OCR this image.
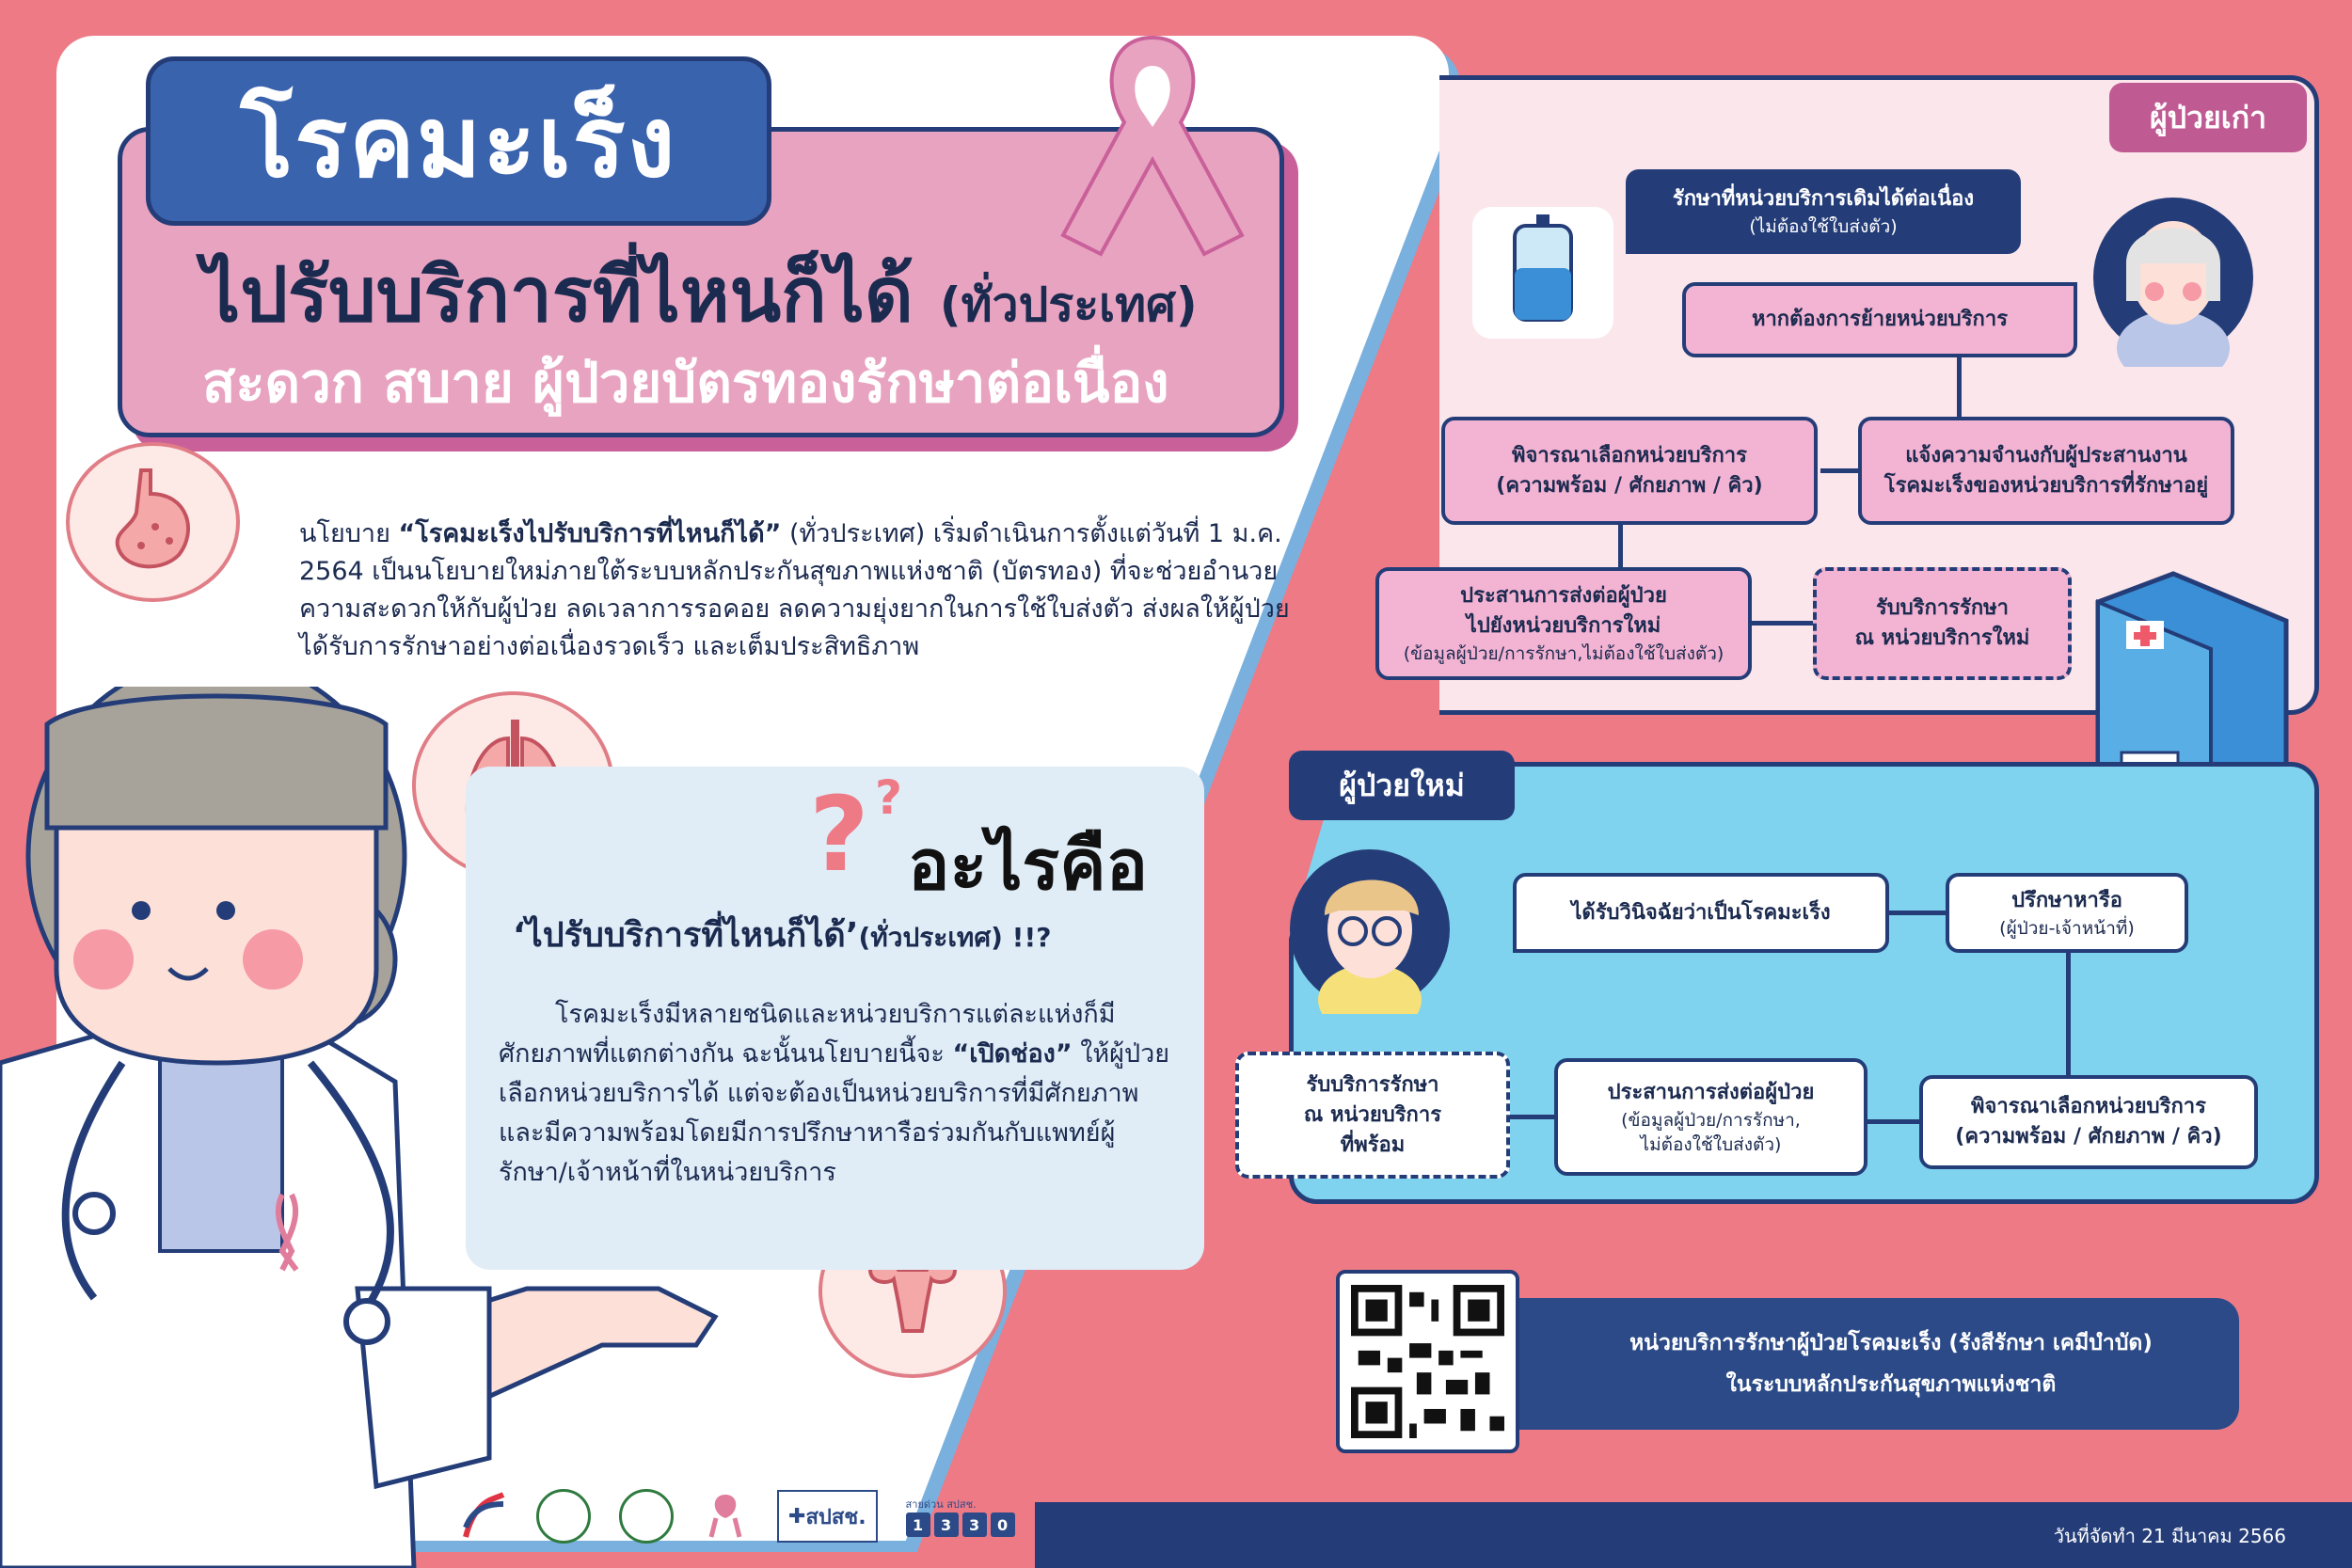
โรคมะเร็ง
ไปรับบริการที่ไหนก็ได้ (ทั่วประเทศ)
สะดวก สบาย ผู้ป่วยบัตรทองรักษาต่อเนื่อง
นโยบาย “โรคมะเร็งไปรับบริการที่ไหนก็ได้” (ทั่วประเทศ) เริ่มดำเนินการตั้งแต่วันที่ 1 ม.ค. 2564 เป็นนโยบายใหม่ภายใต้ระบบหลักประกันสุขภาพแห่งชาติ (บัตรทอง) ที่จะช่วยอำนวยความสะดวกให้กับผู้ป่วย ลดเวลาการรอคอย ลดความยุ่งยากในการใช้ใบส่งตัว ส่งผลให้ผู้ป่วยได้รับการรักษาอย่างต่อเนื่องรวดเร็ว และเต็มประสิทธิภาพ
? ?
อะไรคือ
‘ไปรับบริการที่ไหนก็ได้’(ทั่วประเทศ) !!?
โรคมะเร็งมีหลายชนิดและหน่วยบริการแต่ละแห่งก็มีศักยภาพที่แตกต่างกัน ฉะนั้นนโยบายนี้จะ “เปิดช่อง” ให้ผู้ป่วยเลือกหน่วยบริการได้ แต่จะต้องเป็นหน่วยบริการที่มีศักยภาพและมีความพร้อมโดยมีการปรึกษาหารือร่วมกันกับแพทย์ผู้รักษา/เจ้าหน้าที่ในหน่วยบริการ
ผู้ป่วยเก่า
รักษาที่หน่วยบริการเดิมได้ต่อเนื่อง
(ไม่ต้องใช้ใบส่งตัว)
หากต้องการย้ายหน่วยบริการ
แจ้งความจำนงกับผู้ประสานงาน
โรคมะเร็งของหน่วยบริการที่รักษาอยู่
พิจารณาเลือกหน่วยบริการ
(ความพร้อม / ศักยภาพ / คิว)
ประสานการส่งต่อผู้ป่วย
ไปยังหน่วยบริการใหม่
(ข้อมูลผู้ป่วย/การรักษา,ไม่ต้องใช้ใบส่งตัว)
รับบริการรักษา
ณ หน่วยบริการใหม่
ผู้ป่วยใหม่
ได้รับวินิจฉัยว่าเป็นโรคมะเร็ง
ปรึกษาหารือ
(ผู้ป่วย-เจ้าหน้าที่)
พิจารณาเลือกหน่วยบริการ
(ความพร้อม / ศักยภาพ / คิว)
ประสานการส่งต่อผู้ป่วย
(ข้อมูลผู้ป่วย/การรักษา,
ไม่ต้องใช้ใบส่งตัว)
รับบริการรักษา
ณ หน่วยบริการ
ที่พร้อม
หน่วยบริการรักษาผู้ป่วยโรคมะเร็ง (รังสีรักษา เคมีบำบัด)
ในระบบหลักประกันสุขภาพแห่งชาติ
วันที่จัดทำ 21 มีนาคม 2566
✚ สปสช.
สายด่วน สปสช.
1	3	3	0
